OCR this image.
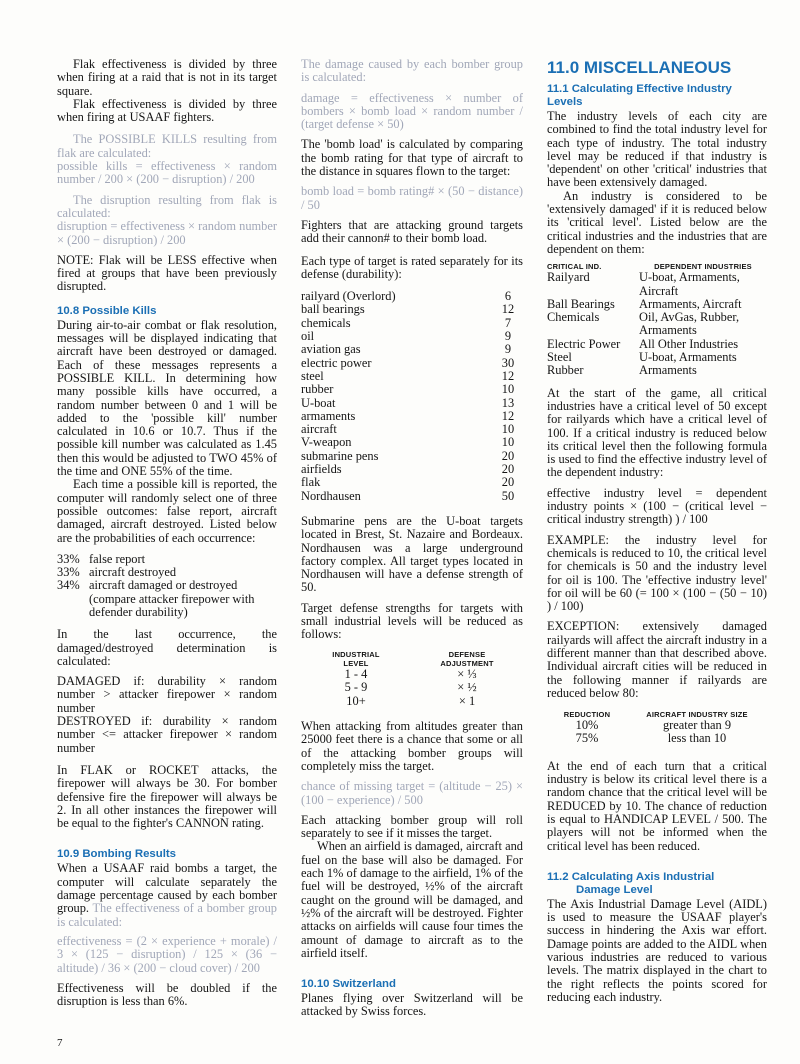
Flak effectiveness is divided by three when firing at a raid that is not in its target square.

Flak effectiveness is divided by three when firing at USAAF fighters.

The POSSIBLE KILLS resulting from flak are calculated:

possible kills = effectiveness × random number / 200 × (200 − disruption) / 200

The disruption resulting from flak is calculated:

disruption = effectiveness × random number × (200 − disruption) / 200

NOTE: Flak will be LESS effective when fired at groups that have been previously disrupted.

10.8 Possible Kills

During air-to-air combat or flak resolution, messages will be displayed indicating that aircraft have been destroyed or damaged. Each of these messages represents a POSSIBLE KILL. In determining how many possible kills have occurred, a random number between 0 and 1 will be added to the 'possible kill' number calculated in 10.6 or 10.7. Thus if the possible kill number was calculated as 1.45 then this would be adjusted to TWO 45% of the time and ONE 55% of the time.

Each time a possible kill is reported, the computer will randomly select one of three possible outcomes: false report, aircraft damaged, aircraft destroyed. Listed below are the probabilities of each occurrence:

33% false report
33% aircraft destroyed
34% aircraft damaged or destroyed (compare attacker firepower with defender durability)

In the last occurrence, the damaged/destroyed determination is calculated:

DAMAGED if: durability × random number > attacker firepower × random number

DESTROYED if: durability × random number <= attacker firepower × random number

In FLAK or ROCKET attacks, the firepower will always be 30. For bomber defensive fire the firepower will always be 2. In all other instances the firepower will be equal to the fighter's CANNON rating.

10.9 Bombing Results

When a USAAF raid bombs a target, the computer will calculate separately the damage percentage caused by each bomber group. The effectiveness of a bomber group is calculated:

effectiveness = (2 × experience + morale) / 3 × (125 − disruption) / 125 × (36 − altitude) / 36 × (200 − cloud cover) / 200

Effectiveness will be doubled if the disruption is less than 6%.

The damage caused by each bomber group is calculated:

damage = effectiveness × number of bombers × bomb load × random number / (target defense × 50)

The 'bomb load' is calculated by comparing the bomb rating for that type of aircraft to the distance in squares flown to the target:

bomb load = bomb rating# × (50 − distance) / 50

Fighters that are attacking ground targets add their cannon# to their bomb load.

Each type of target is rated separately for its defense (durability):

railyard (Overlord)	6
ball bearings	12
chemicals	7
oil	9
aviation gas	9
electric power	30
steel	12
rubber	10
U-boat	13
armaments	12
aircraft	10
V-weapon	10
submarine pens	20
airfields	20
flak	20
Nordhausen	50

Submarine pens are the U-boat targets located in Brest, St. Nazaire and Bordeaux. Nordhausen was a large underground factory complex. All target types located in Nordhausen will have a defense strength of 50.

Target defense strengths for targets with small industrial levels will be reduced as follows:

INDUSTRIAL
LEVEL
DEFENSE
ADJUSTMENT
1 - 4	× ⅓
5 - 9	× ½
10+	× 1

When attacking from altitudes greater than 25000 feet there is a chance that some or all of the attacking bomber groups will completely miss the target.

chance of missing target = (altitude − 25) × (100 − experience) / 500

Each attacking bomber group will roll separately to see if it misses the target.

When an airfield is damaged, aircraft and fuel on the base will also be damaged. For each 1% of damage to the airfield, 1% of the fuel will be destroyed, ½% of the aircraft caught on the ground will be damaged, and ½% of the aircraft will be destroyed. Fighter attacks on airfields will cause four times the amount of damage to aircraft as to the airfield itself.

10.10 Switzerland

Planes flying over Switzerland will be attacked by Swiss forces.

11.0 MISCELLANEOUS
11.1 Calculating Effective Industry Levels

The industry levels of each city are combined to find the total industry level for each type of industry. The total industry level may be reduced if that industry is 'dependent' on other 'critical' industries that have been extensively damaged.

An industry is considered to be 'extensively damaged' if it is reduced below its 'critical level'. Listed below are the critical industries and the industries that are dependent on them:

CRITICAL IND.	DEPENDENT INDUSTRIES
Railyard	U-boat, Armaments, Aircraft
Ball Bearings	Armaments, Aircraft
Chemicals	Oil, AvGas, Rubber, Armaments
Electric Power	All Other Industries
Steel	U-boat, Armaments
Rubber	Armaments

At the start of the game, all critical industries have a critical level of 50 except for railyards which have a critical level of 100. If a critical industry is reduced below its critical level then the following formula is used to find the effective industry level of the dependent industry:

effective industry level = dependent industry points × (100 − (critical level − critical industry strength) ) / 100

EXAMPLE: the industry level for chemicals is reduced to 10, the critical level for chemicals is 50 and the industry level for oil is 100. The 'effective industry level' for oil will be 60 (= 100 × (100 − (50 − 10) ) / 100)

EXCEPTION: extensively damaged railyards will affect the aircraft industry in a different manner than that described above. Individual aircraft cities will be reduced in the following manner if railyards are reduced below 80:

REDUCTION	AIRCRAFT INDUSTRY SIZE
10%	greater than 9
75%	less than 10

At the end of each turn that a critical industry is below its critical level there is a random chance that the critical level will be REDUCED by 10. The chance of reduction is equal to HANDICAP LEVEL / 500. The players will not be informed when the critical level has been reduced.

11.2 Calculating Axis Industrial
Damage Level

The Axis Industrial Damage Level (AIDL) is used to measure the USAAF player's success in hindering the Axis war effort. Damage points are added to the AIDL when various industries are reduced to various levels. The matrix displayed in the chart to the right reflects the points scored for reducing each industry.

7
